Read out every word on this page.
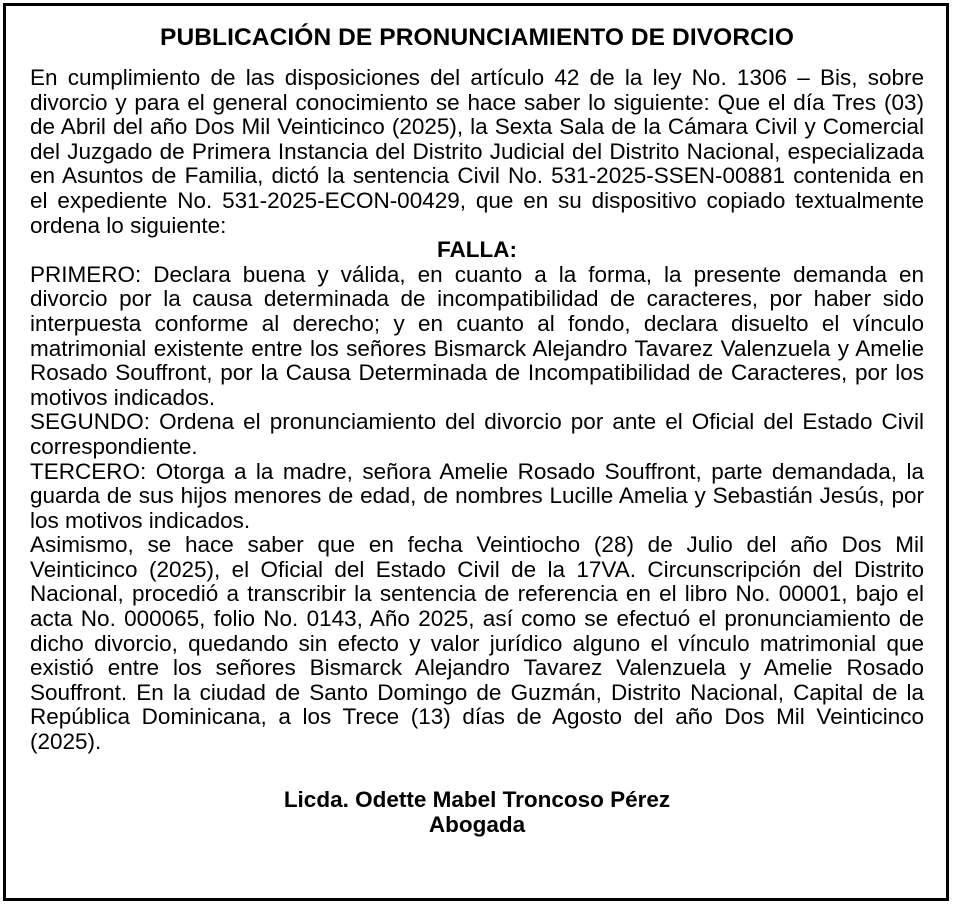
PUBLICACIÓN DE PRONUNCIAMIENTO DE DIVORCIO

En cumplimiento de las disposiciones del artículo 42 de la ley No. 1306 – Bis, sobre divorcio y para el general conocimiento se hace saber lo siguiente: Que el día Tres (03) de Abril del año Dos Mil Veinticinco (2025), la Sexta Sala de la Cámara Civil y Comercial del Juzgado de Primera Instancia del Distrito Judicial del Distrito Nacional, especializada en Asuntos de Familia, dictó la sentencia Civil No. 531-2025-SSEN-00881 contenida en el expediente No. 531-2025-ECON-00429, que en su dispositivo copiado textualmente ordena lo siguiente:

FALLA:

PRIMERO: Declara buena y válida, en cuanto a la forma, la presente demanda en divorcio por la causa determinada de incompatibilidad de caracteres, por haber sido interpuesta conforme al derecho; y en cuanto al fondo, declara disuelto el vínculo matrimonial existente entre los señores Bismarck Alejandro Tavarez Valenzuela y Amelie Rosado Souffront, por la Causa Determinada de Incompatibilidad de Caracteres, por los motivos indicados.

SEGUNDO: Ordena el pronunciamiento del divorcio por ante el Oficial del Estado Civil correspondiente.

TERCERO: Otorga a la madre, señora Amelie Rosado Souffront, parte demandada, la guarda de sus hijos menores de edad, de nombres Lucille Amelia y Sebastián Jesús, por los motivos indicados.

Asimismo, se hace saber que en fecha Veintiocho (28) de Julio del año Dos Mil Veinticinco (2025), el Oficial del Estado Civil de la 17VA. Circunscripción del Distrito Nacional, procedió a transcribir la sentencia de referencia en el libro No. 00001, bajo el acta No. 000065, folio No. 0143, Año 2025, así como se efectuó el pronunciamiento de dicho divorcio, quedando sin efecto y valor jurídico alguno el vínculo matrimonial que existió entre los señores Bismarck Alejandro Tavarez Valenzuela y Amelie Rosado Souffront. En la ciudad de Santo Domingo de Guzmán, Distrito Nacional, Capital de la República Dominicana, a los Trece (13) días de Agosto del año Dos Mil Veinticinco (2025).

Licda. Odette Mabel Troncoso Pérez
Abogada
